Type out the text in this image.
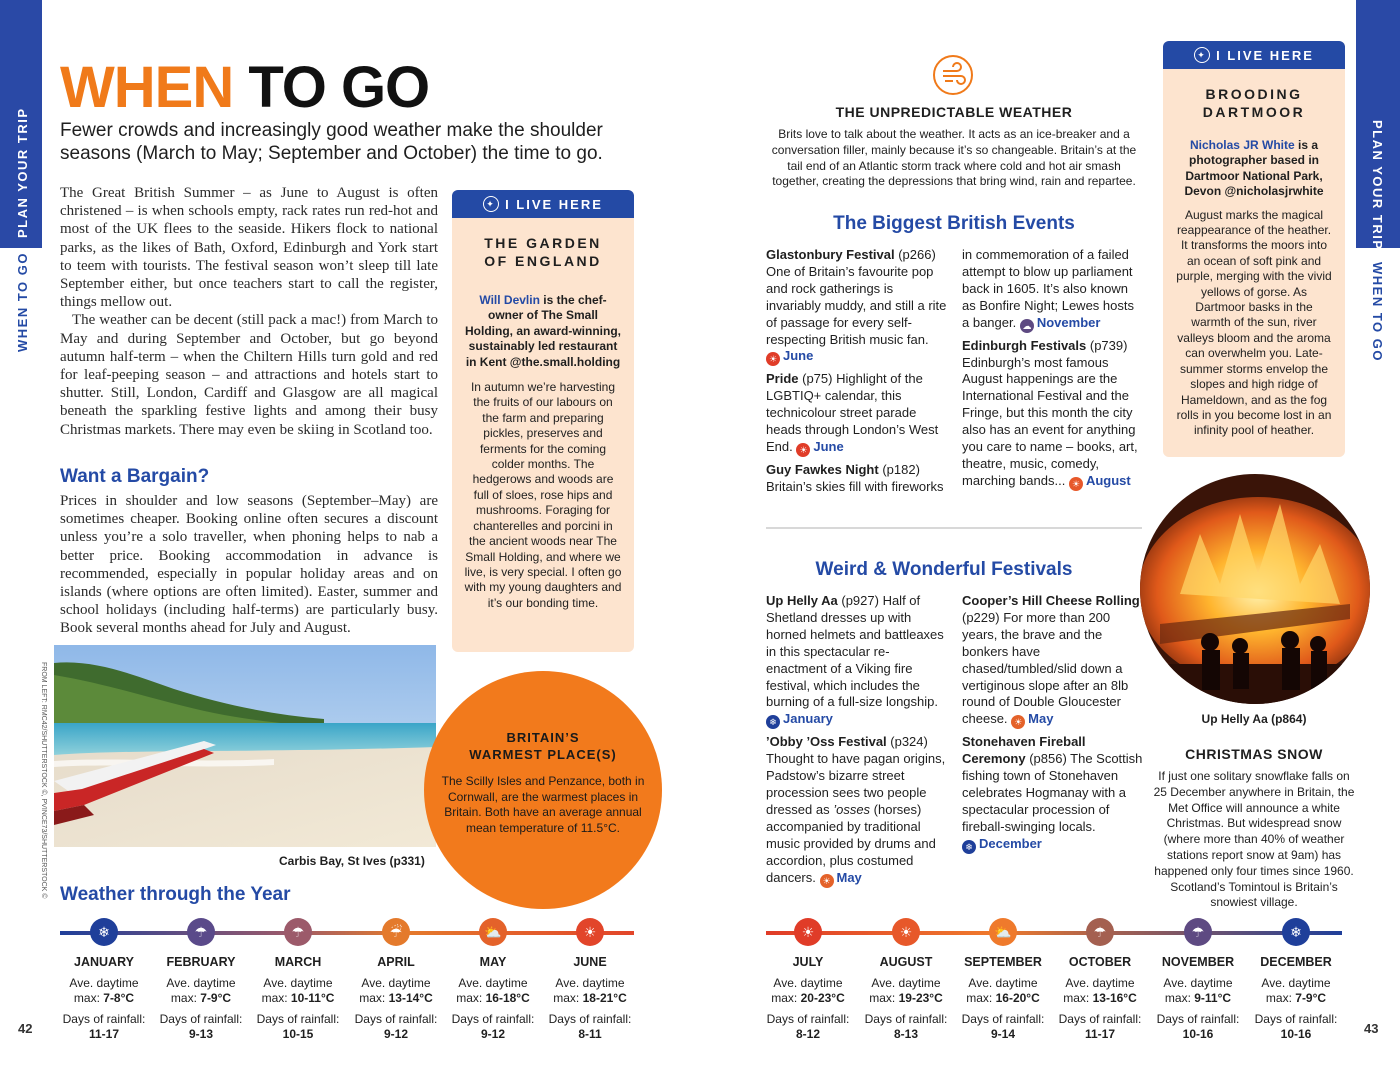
PLAN YOUR TRIP
WHEN TO GO
42
PLAN YOUR TRIP
WHEN TO GO
43
WHEN TO GO
Fewer crowds and increasingly good weather make the shoulder seasons (March to May; September and October) the time to go.

The Great British Summer – as June to August is often christened – is when schools empty, rack rates run red-hot and most of the UK flees to the seaside. Hikers flock to national parks, as the likes of Bath, Oxford, Edinburgh and York start to teem with tourists. The festival season won’t sleep till late September either, but once teachers start to call the register, things mellow out.

The weather can be decent (still pack a mac!) from March to May and during September and October, but go beyond autumn half-term – when the Chiltern Hills turn gold and red for leaf-peeping season – and attractions and hotels start to shutter. Still, London, Cardiff and Glasgow are all magical beneath the sparkling festive lights and among their busy Christmas markets. There may even be skiing in Scotland too.

Want a Bargain?
Prices in shoulder and low seasons (September–May) are sometimes cheaper. Booking online often secures a discount unless you’re a solo traveller, when phoning helps to nab a better price. Booking accommodation in advance is recommended, especially in popular holiday areas and on islands (where options are often limited). Easter, summer and school holidays (including half-terms) are particularly busy. Book several months ahead for July and August.
✦ I LIVE HERE
THE GARDEN
OF ENGLAND
Will Devlin is the chef-owner of The Small Holding, an award-winning, sustainably led restaurant in Kent @the.small.holding
In autumn we’re harvesting the fruits of our labours on the farm and preparing pickles, preserves and ferments for the coming colder months. The hedgerows and woods are full of sloes, rose hips and mushrooms. Foraging for chanterelles and porcini in the ancient woods near The Small Holding, and where we live, is very special. I often go with my young daughters and it’s our bonding time.
Carbis Bay, St Ives (p331)
FROM LEFT: RMC42/SHUTTERSTOCK ©, PVINCE73/SHUTTERSTOCK ©	BRITAIN’S
WARMEST PLACE(S)
The Scilly Isles and Penzance, both in Cornwall, are the warmest places in Britain. Both have an average annual mean temperature of 11.5°C.
THE UNPREDICTABLE WEATHER
Brits love to talk about the weather. It acts as an ice-breaker and a conversation filler, mainly because it’s so changeable. Britain’s at the tail end of an Atlantic storm track where cold and hot air smash together, creating the depressions that bring wind, rain and repartee.
The Biggest British Events

Glastonbury Festival (p266)
One of Britain’s favourite pop and rock gatherings is invariably muddy, and still a rite of passage for every self-respecting British music fan.
☀ June

Pride (p75) Highlight of the LGBTIQ+ calendar, this technicolour street parade heads through London’s West End. ☀ June

Guy Fawkes Night (p182)
Britain’s skies fill with fireworks

in commemoration of a failed attempt to blow up parliament back in 1605. It’s also known as Bonfire Night; Lewes hosts a banger. ☁ November

Edinburgh Festivals (p739)
Edinburgh’s most famous August happenings are the International Festival and the Fringe, but this month the city also has an event for anything you care to name – books, art, theatre, music, comedy, marching bands... ☀ August

Weird & Wonderful Festivals

Up Helly Aa (p927) Half of Shetland dresses up with horned helmets and battleaxes in this spectacular re-enactment of a Viking fire festival, which includes the burning of a full-size longship.
❄ January

’Obby ’Oss Festival (p324) Thought to have pagan origins, Padstow’s bizarre street procession sees two people dressed as ’osses (horses) accompanied by traditional music provided by drums and accordion, plus costumed dancers. ☀ May

Cooper’s Hill Cheese Rolling (p229) For more than 200 years, the brave and the bonkers have chased/tumbled/slid down a vertiginous slope after an 8lb round of Double Gloucester cheese. ☀ May

Stonehaven Fireball Ceremony (p856) The Scottish fishing town of Stonehaven celebrates Hogmanay with a spectacular procession of fireball-swinging locals.
❄ December

✦ I LIVE HERE
BROODING
DARTMOOR
Nicholas JR White is a photographer based in Dartmoor National Park, Devon @nicholasjrwhite
August marks the magical reappearance of the heather. It transforms the moors into an ocean of soft pink and purple, merging with the vivid yellows of gorse. As Dartmoor basks in the warmth of the sun, river valleys bloom and the aroma can overwhelm you. Late-summer storms envelop the slopes and high ridge of Hameldown, and as the fog rolls in you become lost in an infinity pool of heather.
Up Helly Aa (p864)
CHRISTMAS SNOW
If just one solitary snowflake falls on 25 December anywhere in Britain, the Met Office will announce a white Christmas. But widespread snow (where more than 40% of weather stations report snow at 9am) has happened only four times since 1960. Scotland’s Tomintoul is Britain’s snowiest village.
Weather through the Year
❄
JANUARY
Ave. daytime
max: 7-8°C
Days of rainfall:
11-17
☂
FEBRUARY
Ave. daytime
max: 7-9°C
Days of rainfall:
9-13
☂
MARCH
Ave. daytime
max: 10-11°C
Days of rainfall:
10-15
☔
APRIL
Ave. daytime
max: 13-14°C
Days of rainfall:
9-12
⛅
MAY
Ave. daytime
max: 16-18°C
Days of rainfall:
9-12
☀
JUNE
Ave. daytime
max: 18-21°C
Days of rainfall:
8-11
☀
JULY
Ave. daytime
max: 20-23°C
Days of rainfall:
8-12
☀
AUGUST
Ave. daytime
max: 19-23°C
Days of rainfall:
8-13
⛅
SEPTEMBER
Ave. daytime
max: 16-20°C
Days of rainfall:
9-14
☂
OCTOBER
Ave. daytime
max: 13-16°C
Days of rainfall:
11-17
☂
NOVEMBER
Ave. daytime
max: 9-11°C
Days of rainfall:
10-16
❄
DECEMBER
Ave. daytime
max: 7-9°C
Days of rainfall:
10-16
